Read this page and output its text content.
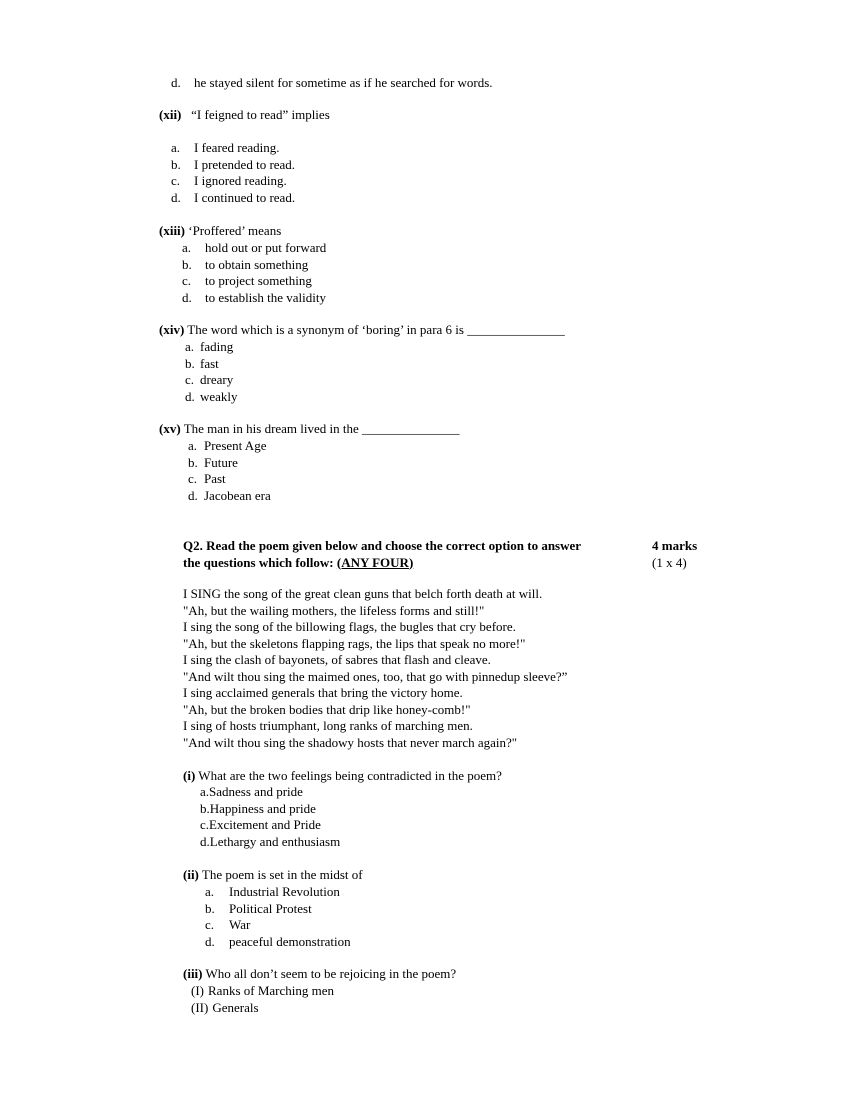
d. he stayed silent for sometime as if he searched for words.
(xii) “I feigned to read” implies
a. I feared reading.
b. I pretended to read.
c. I ignored reading.
d. I continued to read.
(xiii) ‘Proffered’ means
a. hold out or put forward
b. to obtain something
c. to project something
d. to establish the validity
(xiv) The word which is a synonym of ‘boring’ in para 6 is _______________
a. fading
b. fast
c. dreary
d. weakly
(xv) The man in his dream lived in the _______________
a. Present Age
b. Future
c. Past
d. Jacobean era
Q2. Read the poem given below and choose the correct option to answer
the questions which follow: (ANY FOUR)
4 marks
(1 x 4)
I SING the song of the great clean guns that belch forth death at will.
"Ah, but the wailing mothers, the lifeless forms and still!"
I sing the song of the billowing flags, the bugles that cry before.
"Ah, but the skeletons flapping rags, the lips that speak no more!"
I sing the clash of bayonets, of sabres that flash and cleave.
"And wilt thou sing the maimed ones, too, that go with pinnedup sleeve?”
I sing acclaimed generals that bring the victory home.
"Ah, but the broken bodies that drip like honey-comb!"
I sing of hosts triumphant, long ranks of marching men.
"And wilt thou sing the shadowy hosts that never march again?"
(i) What are the two feelings being contradicted in the poem?
a.Sadness and pride
b.Happiness and pride
c.Excitement and Pride
d.Lethargy and enthusiasm
(ii) The poem is set in the midst of
a. Industrial Revolution
b. Political Protest
c. War
d. peaceful demonstration
(iii) Who all don’t seem to be rejoicing in the poem?
(I) Ranks of Marching men
(II) Generals
